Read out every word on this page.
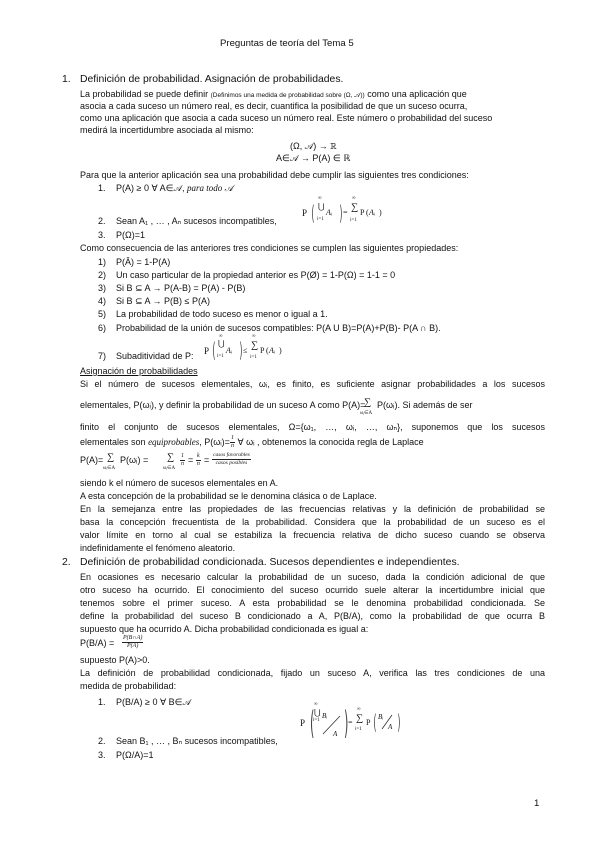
Preguntas de teoría del Tema 5
1. Definición de probabilidad. Asignación de probabilidades.
La probabilidad se puede definir (Definimos una medida de probabilidad sobre (Ω, 𝒜)) como una aplicación que
asocia a cada suceso un número real, es decir, cuantifica la posibilidad de que un suceso ocurra,
como una aplicación que asocia a cada suceso un número real. Este número o probabilidad del suceso
medirá la incertidumbre asociada al mismo:
(Ω, 𝒜) → ℝ
A∈𝒜 → P(A) ∈ ℝ
Para que la anterior aplicación sea una probabilidad debe cumplir las siguientes tres condiciones:
1. P(A) ≥ 0 ∀ A∈𝒜, para todo 𝒜
2. Sean A₁ , … , Aₙ sucesos incompatibles,
P ( ⋃
∞
i=1
Aᵢ ) = ∑
∞
i=1
P ( Aᵢ )
3. P(Ω)=1
Como consecuencia de las anteriores tres condiciones se cumplen las siguientes propiedades:
1) P(Â) = 1-P(A)
2) Un caso particular de la propiedad anterior es P(Ø) = 1-P(Ω) = 1-1 = 0
3) Si B ⊆ A → P(A-B) = P(A) - P(B)
4) Si B ⊆ A → P(B) ≤ P(A)
5) La probabilidad de todo suceso es menor o igual a 1.
6) Probabilidad de la unión de sucesos compatibles: P(A U B)=P(A)+P(B)- P(A ∩ B).
7) Subaditividad de P: P ( ⋃
∞
i=1
Aᵢ ) ≤ ∑
∞
i=1
P ( Aᵢ )
Asignación de probabilidades
Si el número de sucesos elementales, ωᵢ, es finito, es suficiente asignar probabilidades a los sucesos
elementales, P(ωᵢ), y definir la probabilidad de un suceso A como P(A)=
∑
ωᵢ∈A
P(ωᵢ). Si además de ser
finito el conjunto de sucesos elementales, Ω={ω₁, …, ωᵢ, …, ωₙ}, suponemos que los sucesos
elementales son equiprobables, P(ωᵢ)= $\frac{1}{n}$ ∀ ωᵢ , obtenemos la conocida regla de Laplace
P(A)= ∑
ωᵢ∈A
P(ωᵢ) = ∑
ωᵢ∈A
$\frac{1}{n} = \frac{k}{n} = \frac{\text{casos favorables}}{\text{casos posibles}}$
siendo k el número de sucesos elementales en A.
A esta concepción de la probabilidad se le denomina clásica o de Laplace.
En la semejanza entre las propiedades de las frecuencias relativas y la definición de probabilidad se
basa la concepción frecuentista de la probabilidad. Considera que la probabilidad de un suceso es el
valor límite en torno al cual se estabiliza la frecuencia relativa de dicho suceso cuando se observa
indefinidamente el fenómeno aleatorio.
2. Definición de probabilidad condicionada. Sucesos dependientes e independientes.
En ocasiones es necesario calcular la probabilidad de un suceso, dada la condición adicional de que
otro suceso ha ocurrido. El conocimiento del suceso ocurrido suele alterar la incertidumbre inicial que
tenemos sobre el primer suceso. A esta probabilidad se le denomina probabilidad condicionada. Se
define la probabilidad del suceso B condicionado a A, P(B/A), como la probabilidad de que ocurra B
supuesto que ha ocurrido A. Dicha probabilidad condicionada es igual a:
$P(B/A) = \frac{P(B\cap A)}{P(A)}$
supuesto P(A)>0.
La definición de probabilidad condicionada, fijado un suceso A, verifica las tres condiciones de una
medida de probabilidad:
1. P(B/A) ≥ 0 ∀ B∈𝒜
P ( ⋃
∞
i=1
Bᵢ
A ) = ∑
∞
i=1
P ( Bᵢ
A )
2. Sean B₁ , … , Bₙ sucesos incompatibles,
3. P(Ω/A)=1
1
